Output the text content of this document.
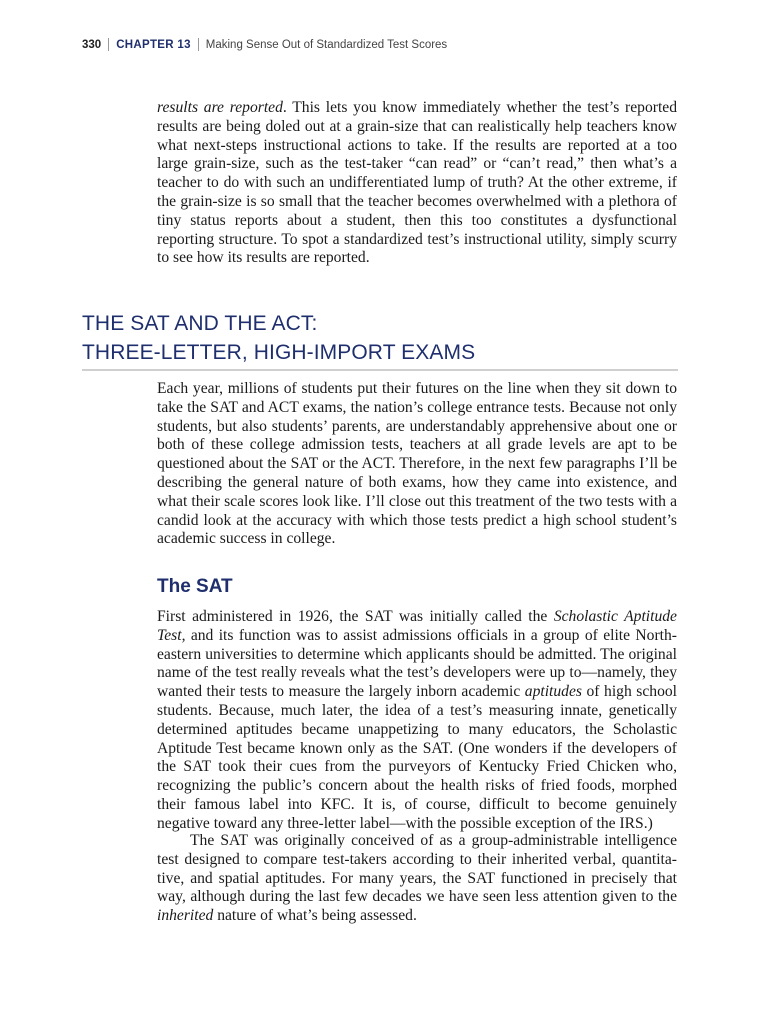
330 CHAPTER 13 Making Sense Out of Standardized Test Scores

results are reported. This lets you know immediately whether the test’s reported results are being doled out at a grain-size that can realistically help teachers know what next-steps instructional actions to take. If the results are reported at a too large grain-size, such as the test-taker “can read” or “can’t read,” then what’s a teacher to do with such an undifferentiated lump of truth? At the other extreme, if the grain-size is so small that the teacher becomes overwhelmed with a plethora of tiny status reports about a student, then this too constitutes a dysfunctional reporting structure. To spot a standardized test’s instructional utility, simply scurry to see how its results are reported.

THE SAT AND THE ACT:
THREE-LETTER, HIGH-IMPORT EXAMS

Each year, millions of students put their futures on the line when they sit down to take the SAT and ACT exams, the nation’s college entrance tests. Because not only students, but also students’ parents, are understandably apprehensive about one or both of these college admission tests, teachers at all grade levels are apt to be questioned about the SAT or the ACT. Therefore, in the next few paragraphs I’ll be describing the general nature of both exams, how they came into existence, and what their scale scores look like. I’ll close out this treatment of the two tests with a candid look at the accuracy with which those tests predict a high school student’s academic success in college.

The SAT

First administered in 1926, the SAT was initially called the Scholastic Aptitude Test, and its function was to assist admissions officials in a group of elite Northeastern universities to determine which applicants should be admitted. The original name of the test really reveals what the test’s developers were up to—namely, they wanted their tests to measure the largely inborn academic aptitudes of high school students. Because, much later, the idea of a test’s measuring innate, genetically determined aptitudes became unappetizing to many educators, the Scholastic Aptitude Test became known only as the SAT. (One wonders if the developers of the SAT took their cues from the purveyors of Kentucky Fried Chicken who, recognizing the public’s concern about the health risks of fried foods, morphed their famous label into KFC. It is, of course, difficult to become genuinely negative toward any three-letter label—with the possible exception of the IRS.)

The SAT was originally conceived of as a group-administrable intelligence test designed to compare test-takers according to their inherited verbal, quantitative, and spatial aptitudes. For many years, the SAT functioned in precisely that way, although during the last few decades we have seen less attention given to the inherited nature of what’s being assessed.
